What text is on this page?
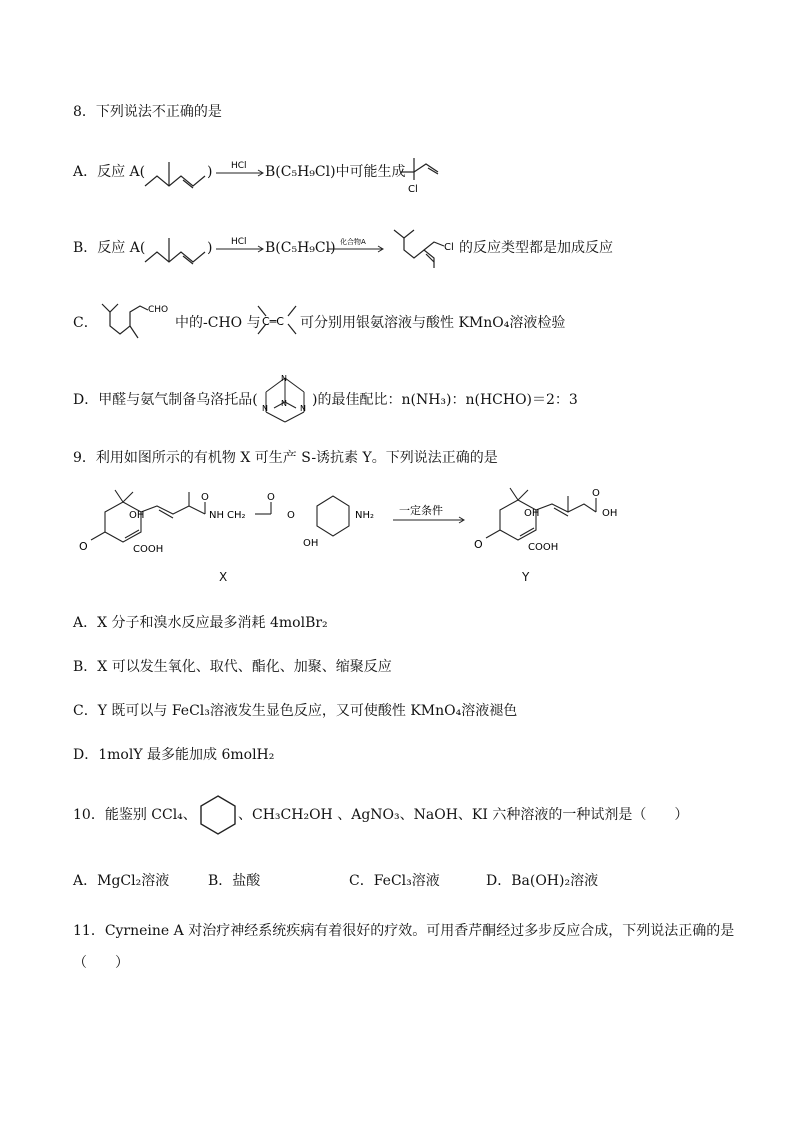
8．下列说法不正确的是
A．反应 A(	) HCl B(C₅H₉Cl)中可能生成
Cl
B．反应 A(	) HCl B(C₅H₉Cl) 化合物A	Cl 的反应类型都是加成反应
C．
CHO
中的-CHO 与 C═C 可分别用银氨溶液与酸性 KMnO₄溶液检验
D．甲醛与氨气制备乌洛托品(
N
N	N
N )的最佳配比：n(NH₃)：n(HCHO)＝2：3
9．利用如图所示的有机物 X 可生产 S-诱抗素 Y。下列说法正确的是
O
OH
COOH
O
NH CH₂
O
O	NH₂
OH
X
一定条件
O
OH
COOH
O
OH
Y
A．X 分子和溴水反应最多消耗 4molBr₂
B．X 可以发生氧化、取代、酯化、加聚、缩聚反应
C．Y 既可以与 FeCl₃溶液发生显色反应，又可使酸性 KMnO₄溶液褪色
D．1molY 最多能加成 6molH₂
10．能鉴别 CCl₄、	、CH₃CH₂OH 、AgNO₃、NaOH、KI 六种溶液的一种试剂是（　　）
A．MgCl₂溶液	B．盐酸	C．FeCl₃溶液	D．Ba(OH)₂溶液
11．Cyrneine A 对治疗神经系统疾病有着很好的疗效。可用香芹酮经过多步反应合成，下列说法正确的是
（　　）
